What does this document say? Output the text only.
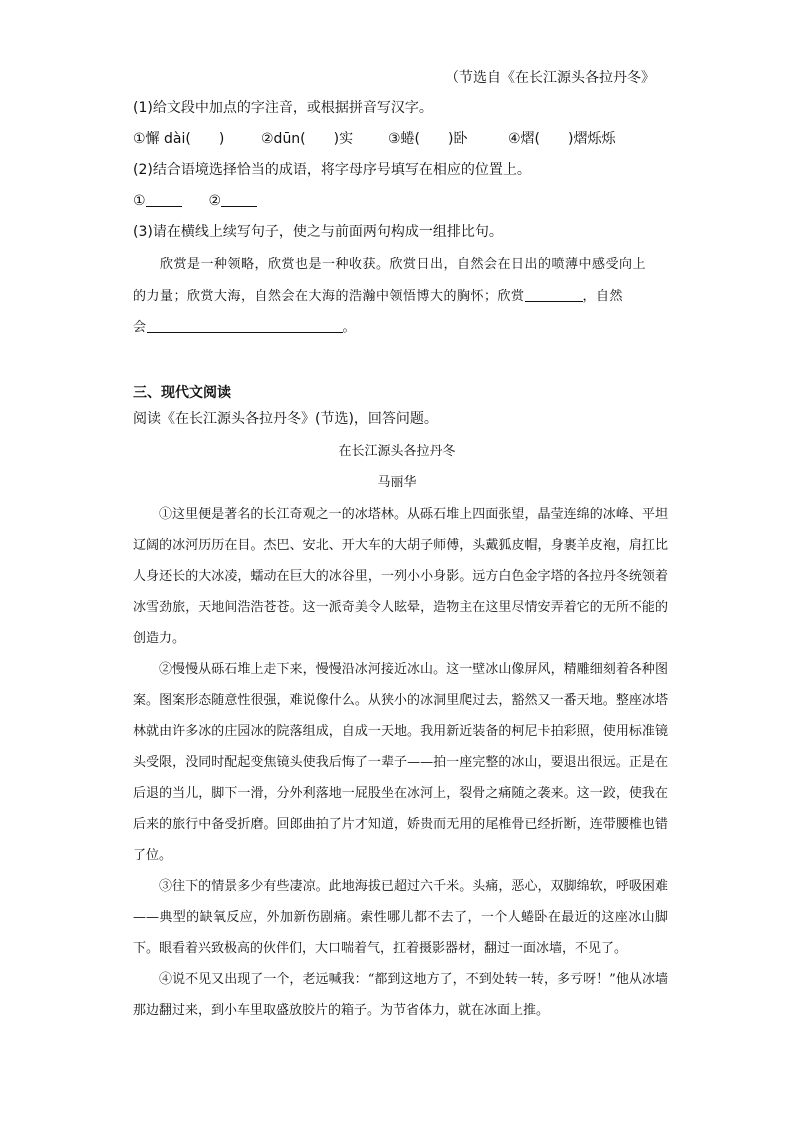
（节选自《在长江源头各拉丹冬》
(1)给文段中加点的字注音，或根据拼音写汉字。
①懈 dài(　　)	②dūn(　　)实 ③蜷(　　)卧	④熠(　　)熠烁烁
(2)结合语境选择恰当的成语，将字母序号填写在相应的位置上。
①	②
(3)请在横线上续写句子，使之与前面两句构成一组排比句。
欣赏是一种领略，欣赏也是一种收获。欣赏日出，自然会在日出的喷薄中感受向上
的力量；欣赏大海，自然会在大海的浩瀚中领悟博大的胸怀；欣赏	，自然
会	。
三、现代文阅读
阅读《在长江源头各拉丹冬》(节选)，回答问题。
在长江源头各拉丹冬
马丽华

①这里便是著名的长江奇观之一的冰塔林。从砾石堆上四面张望，晶莹连绵的冰峰、平坦辽阔的冰河历历在目。杰巴、安北、开大车的大胡子师傅，头戴狐皮帽，身裹羊皮袍，肩扛比人身还长的大冰凌，蠕动在巨大的冰谷里，一列小小身影。远方白色金字塔的各拉丹冬统领着冰雪劲旅，天地间浩浩苍苍。这一派奇美令人眩晕，造物主在这里尽情安弄着它的无所不能的创造力。

②慢慢从砾石堆上走下来，慢慢沿冰河接近冰山。这一壁冰山像屏风，精雕细刻着各种图案。图案形态随意性很强，难说像什么。从狭小的冰洞里爬过去，豁然又一番天地。整座冰塔林就由许多冰的庄园冰的院落组成，自成一天地。我用新近装备的柯尼卡拍彩照，使用标准镜头受限，没同时配起变焦镜头使我后悔了一辈子——拍一座完整的冰山，要退出很远。正是在后退的当儿，脚下一滑，分外利落地一屁股坐在冰河上，裂骨之痛随之袭来。这一跤，使我在后来的旅行中备受折磨。回郎曲拍了片才知道，娇贵而无用的尾椎骨已经折断，连带腰椎也错了位。

③往下的情景多少有些凄凉。此地海拔已超过六千米。头痛，恶心，双脚绵软，呼吸困难——典型的缺氧反应，外加新伤剧痛。索性哪儿都不去了，一个人蜷卧在最近的这座冰山脚下。眼看着兴致极高的伙伴们，大口喘着气，扛着摄影器材，翻过一面冰墙，不见了。

④说不见又出现了一个，老远喊我：“都到这地方了，不到处转一转，多亏呀！”他从冰墙那边翻过来，到小车里取盛放胶片的箱子。为节省体力，就在冰面上推。
